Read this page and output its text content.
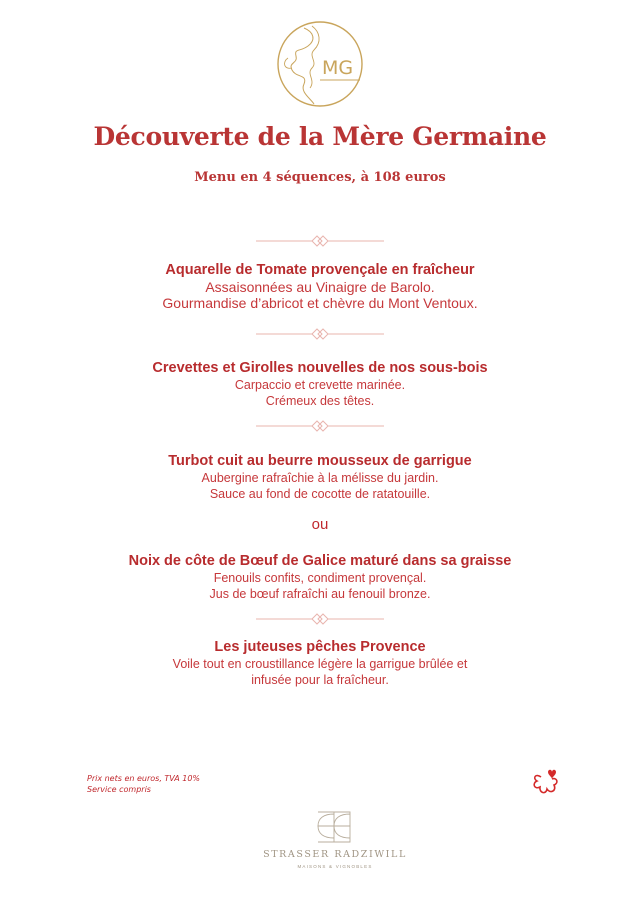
MG
Découverte de la Mère Germaine
Menu en 4 séquences, à 108 euros
Aquarelle de Tomate provençale en fraîcheur
Assaisonnées au Vinaigre de Barolo.
Gourmandise d’abricot et chèvre du Mont Ventoux.
Crevettes et Girolles nouvelles de nos sous-bois
Carpaccio et crevette marinée.
Crémeux des têtes.
Turbot cuit au beurre mousseux de garrigue
Aubergine rafraîchie à la mélisse du jardin.
Sauce au fond de cocotte de ratatouille.
ou
Noix de côte de Bœuf de Galice maturé dans sa graisse
Fenouils confits, condiment provençal.
Jus de bœuf rafraîchi au fenouil bronze.
Les juteuses pêches Provence
Voile tout en croustillance légère la garrigue brûlée et
infusée pour la fraîcheur.
Prix nets en euros, TVA 10%
Service compris
STRASSER RADZIWILL
MAISONS & VIGNOBLES
